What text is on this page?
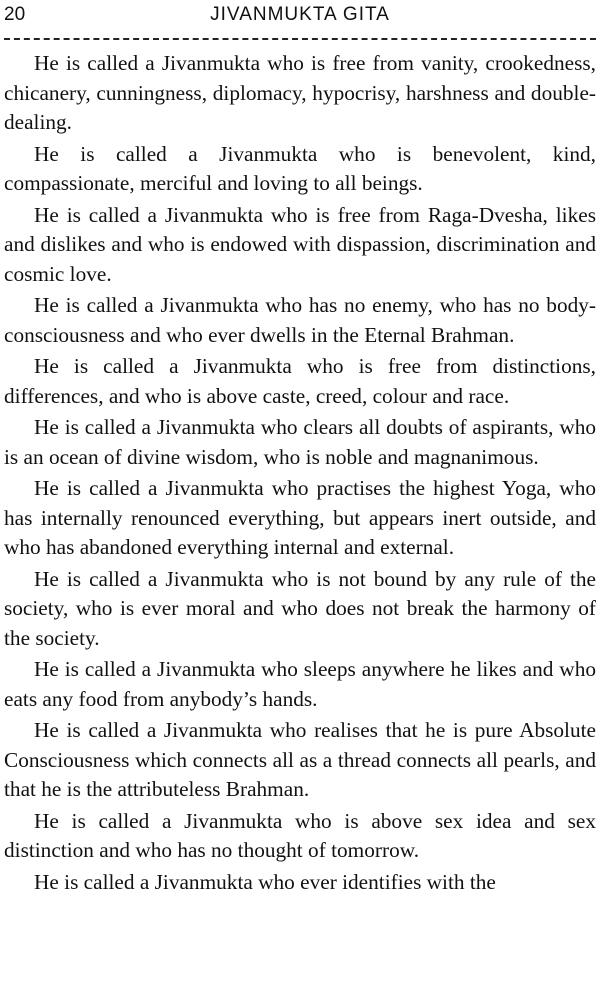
20	JIVANMUKTA GITA

He is called a Jivanmukta who is free from vanity, crookedness, chicanery, cunningness, diplomacy, hypocrisy, harshness and double-dealing.

He is called a Jivanmukta who is benevolent, kind, compassionate, merciful and loving to all beings.

He is called a Jivanmukta who is free from Raga-Dvesha, likes and dislikes and who is endowed with dispassion, discrimination and cosmic love.

He is called a Jivanmukta who has no enemy, who has no body-consciousness and who ever dwells in the Eternal Brahman.

He is called a Jivanmukta who is free from distinctions, differences, and who is above caste, creed, colour and race.

He is called a Jivanmukta who clears all doubts of aspirants, who is an ocean of divine wisdom, who is noble and magnanimous.

He is called a Jivanmukta who practises the highest Yoga, who has internally renounced everything, but appears inert outside, and who has abandoned everything internal and external.

He is called a Jivanmukta who is not bound by any rule of the society, who is ever moral and who does not break the harmony of the society.

He is called a Jivanmukta who sleeps anywhere he likes and who eats any food from anybody’s hands.

He is called a Jivanmukta who realises that he is pure Absolute Consciousness which connects all as a thread connects all pearls, and that he is the attributeless Brahman.

He is called a Jivanmukta who is above sex idea and sex distinction and who has no thought of tomorrow.

He is called a Jivanmukta who ever identifies with the
